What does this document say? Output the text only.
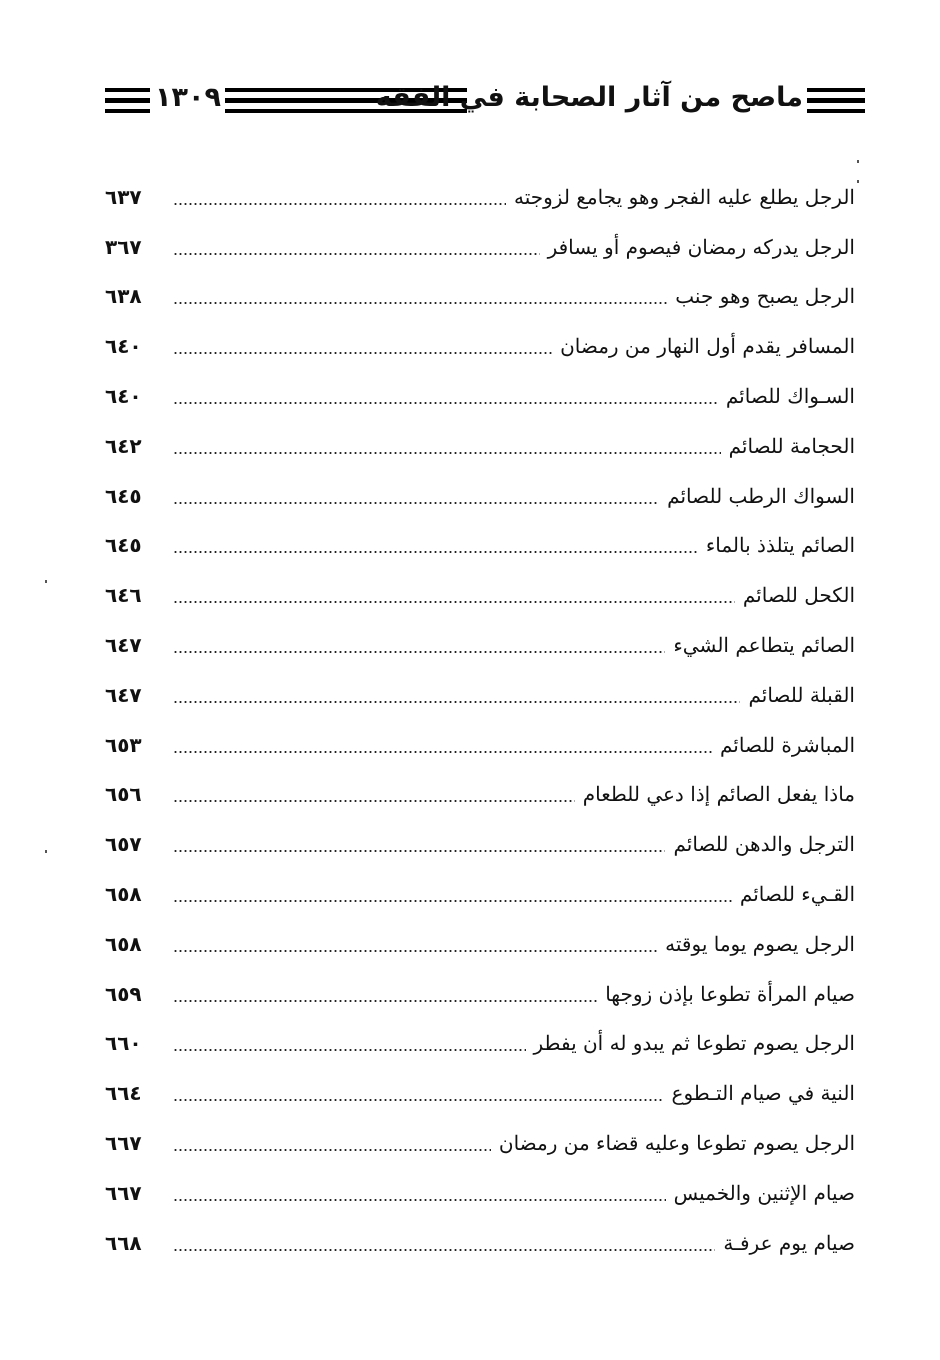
١٣٠٩	ماصح من آثار الصحابة في الفقه
الرجل يطلع عليه الفجر وهو يجامع لزوجته
٦٣٧
الرجل يدركه رمضان فيصوم أو يسافر
٣٦٧
الرجل يصبح وهو جنب
٦٣٨
المسافر يقدم أول النهار من رمضان
٦٤٠
السـواك للصائم
٦٤٠
الحجامة للصائم
٦٤٢
السواك الرطب للصائم
٦٤٥
الصائم يتلذذ بالماء
٦٤٥
الكحل للصائم
٦٤٦
الصائم يتطاعم الشيء
٦٤٧
القبلة للصائم
٦٤٧
المباشرة للصائم
٦٥٣
ماذا يفعل الصائم إذا دعي للطعام
٦٥٦
الترجل والدهن للصائم
٦٥٧
القـيء للصائم
٦٥٨
الرجل يصوم يوما يوقته
٦٥٨
صيام المرأة تطوعا بإذن زوجها
٦٥٩
الرجل يصوم تطوعا ثم يبدو له أن يفطر
٦٦٠
النية في صيام التـطوع
٦٦٤
الرجل يصوم تطوعا وعليه قضاء من رمضان
٦٦٧
صيام الإثنين والخميس
٦٦٧
صيام يوم عرفـة
٦٦٨
